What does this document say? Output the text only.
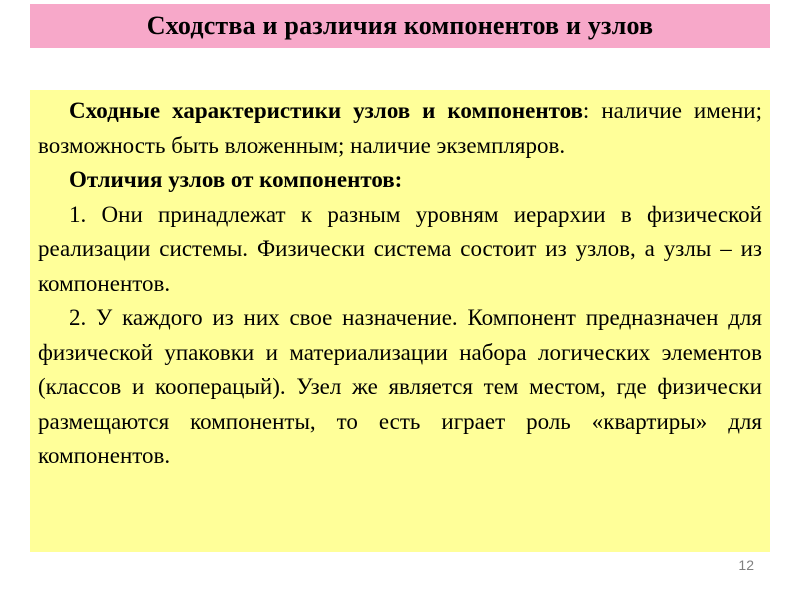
Сходства и различия компонентов и узлов

Сходные характеристики узлов и компонентов: наличие имени; возможность быть вложенным; наличие экземпляров.

Отличия узлов от компонентов:

1. Они принадлежат к разным уровням иерархии в физической реализации системы. Физически система состоит из узлов, а узлы – из компонентов.

2. У каждого из них свое назначение. Компонент предназначен для физической упаковки и материализации набора логических элементов (классов и кооперацый). Узел же является тем местом, где физически размещаются компоненты, то есть играет роль «квартиры» для компонентов.

12
